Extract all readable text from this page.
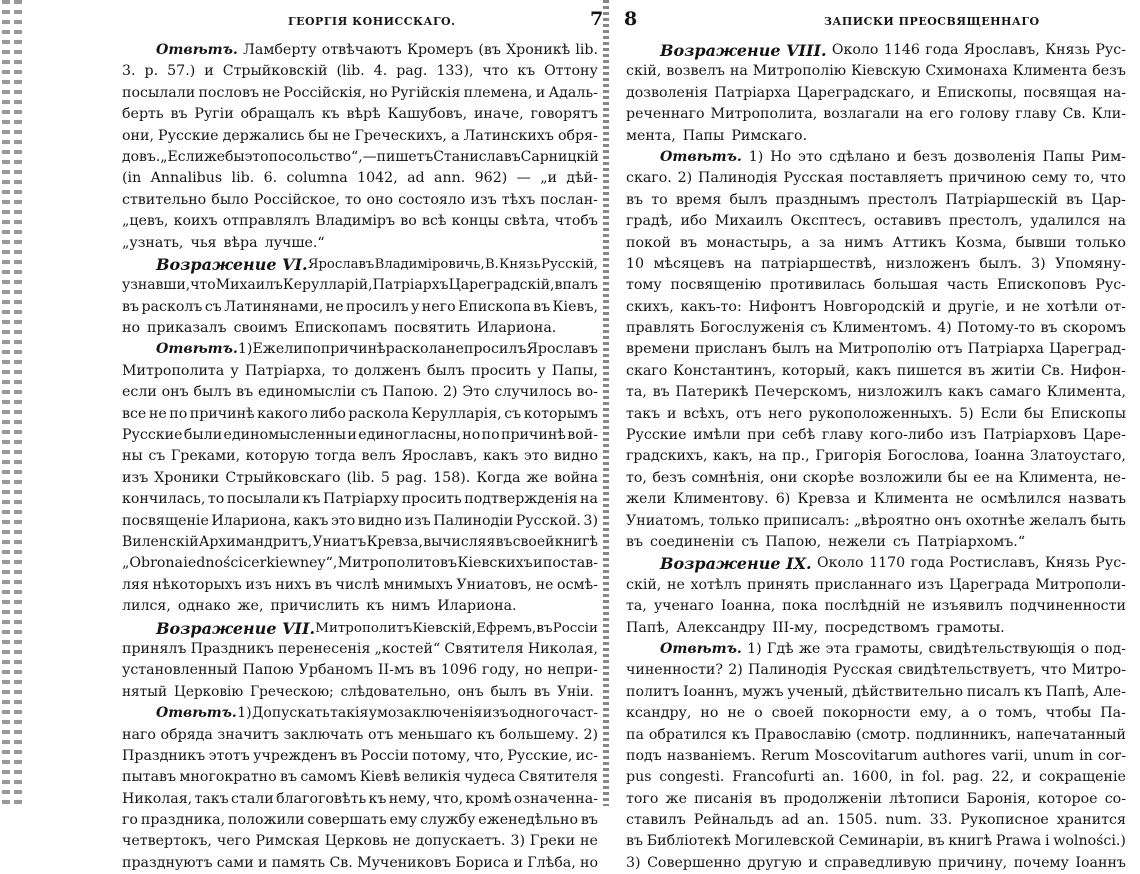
ГЕОРГІЯ КОНИССКАГО.	7
Отвѣтъ. Ламберту отвѣчаютъ Кромеръ (въ Хроникѣ lib.
3. p. 57.) и Стрыйковскій (lib. 4. pag. 133), что къ Оттону
посылали пословъ не Россійскія, но Ругійскія племена, и Адаль-
берть въ Ругіи обращалъ къ вѣрѣ Кашубовъ, иначе, говорятъ
они, Русские держались бы не Греческихъ, а Латинскихъ обря-
довъ. „Если же бы это посольство“, — пишетъ Станиславъ Сарницкій
(in Annalibus lib. 6. columna 1042, ad ann. 962) — „и дѣй-
ствительно было Россійское, то оно состояло изъ тѣхъ послан-
„цевъ, коихъ отправлялъ Владиміръ во всѣ концы свѣта, чтобъ
„узнать, чья вѣра лучше.“
Возражение VI. Ярославъ Владиміровичь, В. Князь Русскій,
узнавши, что Михаилъ Керулларій, Патріархъ Цареградскій, впалъ
въ расколъ съ Латинянами, не просилъ у него Епископа въ Кіевъ,
но приказалъ своимъ Епископамъ посвятить Илариона.
Отвѣтъ. 1) Ежели по причинѣ раскола не просилъ Ярославъ
Митрополита у Патріарха, то долженъ былъ просить у Папы,
если онъ былъ въ единомысліи съ Папою. 2) Это случилось во-
все не по причинѣ какого либо раскола Керулларія, съ которымъ
Русские были единомысленны и единогласны, но по причинѣ вой-
ны съ Греками, которую тогда велъ Ярославъ, какъ это видно
изъ Хроники Стрыйковскаго (lib. 5 pag. 158). Когда же война
кончилась, то посылали къ Патріарху просить подтвержденія на
посвященіе Илариона, какъ это видно изъ Палинодіи Русской. 3)
Виленскій Архимандритъ, Униатъ Кревза, вычисляя въ своей книгѣ
„Obrona iedności cerkiewney“, Митрополитовъ Кіевскихъ и постав-
ляя нѣкоторыхъ изъ нихъ въ числѣ мнимыхъ Униатовъ, не осмѣ-
лился, однако же, причислить къ нимъ Илариона.
Возражение VII. Митрополитъ Кіевскій, Ефремъ, въ Россіи
принялъ Праздникъ перенесенія „костей“ Святителя Николая,
установленный Папою Урбаномъ II-мъ въ 1096 году, но непри-
нятый Церковію Греческою; слѣдовательно, онъ былъ въ Уніи.
Отвѣтъ. 1) Допускать такія умозаключенія изъ одного част-
наго обряда значитъ заключать отъ меньшаго къ большему. 2)
Праздникъ этотъ учрежденъ въ Россіи потому, что, Русские, ис-
пытавъ многократно въ самомъ Кіевѣ великія чудеса Святителя
Николая, такъ стали благоговѣть къ нему, что, кромѣ означенна-
го праздника, положили совершать ему службу еженедѣльно въ
четвертокъ, чего Римская Церковь не допускаетъ. 3) Греки не
празднуютъ сами и память Св. Мучениковъ Бориса и Глѣба, но
8	ЗАПИСКИ ПРЕОСВЯЩЕННАГО
Возражение VIII. Около 1146 года Ярославъ, Князь Рус-
скій, возвелъ на Митрополію Кіевскую Схимонаха Климента безъ
дозволенія Патріарха Цареградскаго, и Епископы, посвящая на-
реченнаго Митрополита, возлагали на его голову главу Св. Кли-
мента, Папы Римскаго.
Отвѣтъ. 1) Но это сдѣлано и безъ дозволенія Папы Рим-
скаго. 2) Палинодія Русская поставляетъ причиною сему то, что
въ то время былъ празднымъ престолъ Патріаршескій въ Цар-
градѣ, ибо Михаилъ Оксптесъ, оставивъ престолъ, удалился на
покой въ монастырь, а за нимъ Аттикъ Козма, бывши только
10 мѣсяцевъ на патріаршествѣ, низложенъ былъ. 3) Упомяну-
тому посвященію противилась большая часть Епископовъ Рус-
скихъ, какъ-то: Нифонтъ Новгородскій и другіе, и не хотѣли от-
правлять Богослуженія съ Климентомъ. 4) Потому-то въ скоромъ
времени присланъ былъ на Митрополію отъ Патріарха Цареград-
скаго Константинъ, который, какъ пишется въ житіи Св. Нифон-
та, въ Патерикѣ Печерскомъ, низложилъ какъ самаго Климента,
такъ и всѣхъ, отъ него рукоположенныхъ. 5) Если бы Епископы
Русские имѣли при себѣ главу кого-либо изъ Патріарховъ Царе-
градскихъ, какъ, на пр., Григорія Богослова, Іоанна Златоустаго,
то, безъ сомнѣнія, они скорѣе возложили бы ее на Климента, не-
жели Климентову. 6) Кревза и Климента не осмѣлился назвать
Униатомъ, только приписалъ: „вѣроятно онъ охотнѣе желалъ быть
въ соединеніи съ Папою, нежели съ Патріархомъ.“
Возражение IX. Около 1170 года Ростиславъ, Князь Рус-
скій, не хотѣлъ принять присланнаго изъ Цареграда Митрополи-
та, ученаго Іоанна, пока послѣдній не изъявилъ подчиненности
Папѣ, Александру III-му, посредствомъ грамоты.
Отвѣтъ. 1) Гдѣ же эта грамоты, свидѣтельствующія о под-
чиненности? 2) Палинодія Русская свидѣтельствуетъ, что Митро-
политъ Іоаннъ, мужъ ученый, дѣйствительно писалъ къ Папѣ, Але-
ксандру, но не о своей покорности ему, а о томъ, чтобы Па-
па обратился къ Православію (смотр. подлинникъ, напечатанный
подъ названіемъ. Rerum Moscovitarum authores varii, unum in cor-
pus congesti. Francofurti an. 1600, in fol. pag. 22, и сокращеніе
того же писанія въ продолженіи лѣтописи Баронія, которое со-
ставилъ Рейнальдъ ad an. 1505. num. 33. Рукописное хранится
въ Библіотекѣ Могилевской Семинаріи, въ книгѣ Prawa i wolności.)
3) Совершенно другую и справедливую причину, почему Іоаннъ
